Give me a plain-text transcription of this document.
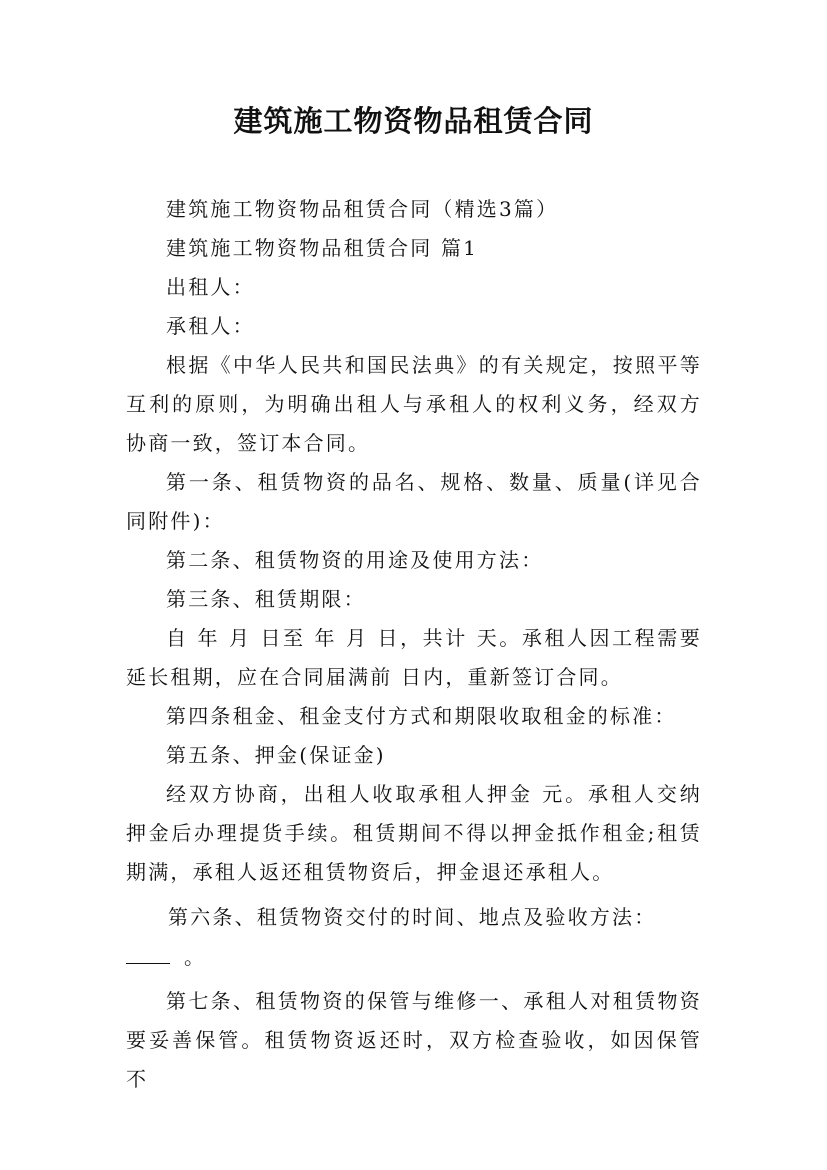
建筑施工物资物品租赁合同

建筑施工物资物品租赁合同（精选3篇）

建筑施工物资物品租赁合同 篇1

出租人：

承租人：

根据《中华人民共和国民法典》的有关规定，按照平等互利的原则，为明确出租人与承租人的权利义务，经双方协商一致，签订本合同。

第一条、租赁物资的品名、规格、数量、质量(详见合同附件)：

第二条、租赁物资的用途及使用方法：

第三条、租赁期限：

自 年 月 日至 年 月 日，共计 天。承租人因工程需要延长租期，应在合同届满前 日内，重新签订合同。

第四条租金、租金支付方式和期限收取租金的标准：

第五条、押金(保证金)

经双方协商，出租人收取承租人押金 元。承租人交纳押金后办理提货手续。租赁期间不得以押金抵作租金;租赁期满，承租人返还租赁物资后，押金退还承租人。

第六条、租赁物资交付的时间、地点及验收方法：

。

第七条、租赁物资的保管与维修一、承租人对租赁物资要妥善保管。租赁物资返还时，双方检查验收，如因保管不
